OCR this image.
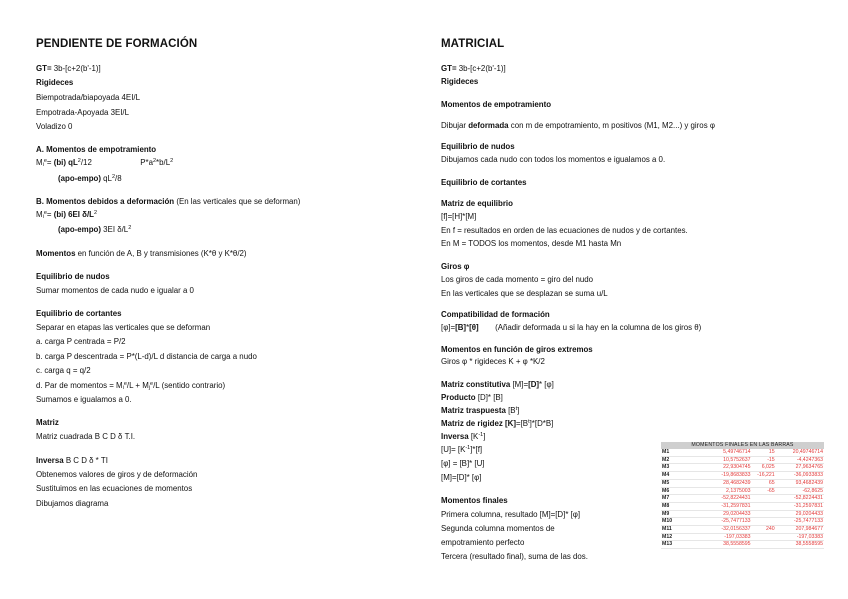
PENDIENTE DE FORMACIÓN
GT= 3b-[c+2(b'-1)]
Rigideces
Biempotrada/biapoyada 4EI/L
Empotrada-Apoyada 3EI/L
Voladizo 0
A. Momentos de empotramiento
$M_i^e= (bi)$ $qL^2/12$	$P*a^2*b/L^2$
(apo-empo) $qL^2/8$
B. Momentos debidos a deformación (En las verticales que se deforman)
$M_i^e= (bi)$ 6EI $\delta/L^2$
(apo-empo) 3EI $\delta/L^2$
Momentos en función de A, B y transmisiones (K*θ y K*θ/2)
Equilibrio de nudos
Sumar momentos de cada nudo e igualar a 0
Equilibrio de cortantes
Separar en etapas las verticales que se deforman
a. carga P centrada = P/2
b. carga P descentrada = P*(L-d)/L d distancia de carga a nudo
c. carga q = q/2
d. Par de momentos = $M_i^e/L + M_j^e/L$ (sentido contrario)
Sumamos e igualamos a 0.
Matriz
Matriz cuadrada B C D δ T.I.
Inversa B C D δ * TI
Obtenemos valores de giros y de deformación
Sustituimos en las ecuaciones de momentos
Dibujamos diagrama
MATRICIAL
GT= 3b-[c+2(b'-1)]
Rigideces
Momentos de empotramiento
Dibujar deformada con m de empotramiento, m positivos (M1, M2...) y giros φ
Equilibrio de nudos
Dibujamos cada nudo con todos los momentos e igualamos a 0.
Equilibrio de cortantes
Matriz de equilibrio
[f]=[H]*[M]
En f = resultados en orden de las ecuaciones de nudos y de cortantes.
En M = TODOS los momentos, desde M1 hasta Mn
Giros φ
Los giros de cada momento = giro del nudo
En las verticales que se desplazan se suma u/L
Compatibilidad de formación
[φ]=[B]*[θ] (Añadir deformada u si la hay en la columna de los giros θ)
Momentos en función de giros extremos
Giros φ * rigideces K + φ *K/2
Matriz constitutiva [M]=[D]* [φ]
Producto [D]* [B]
Matriz traspuesta $[B^t]$
Matriz de rigidez $[K]=[B^t]*[D*B]$
Inversa $[K^{-1}]$
$[U]= [K^{-1}]*[f]$
[φ] = [B]* [U]
[M]=[D]* [φ]
Momentos finales
Primera columna, resultado [M]=[D]* [φ]
Segunda columna momentos de
empotramiento perfecto
Tercera (resultado final), suma de las dos.
MOMENTOS FINALES EN LAS BARRAS
M1	5,49746714	15	20,49746714
M2	10,5752637	-15	-4,4247363
M3	22,9304745	6,025	27,9634765
M4	-19,8683833	-16,221	-36,0933833
M5	28,4682439	65	93,4682439
M6	2,1375003	-65	-62,8625
M7	-52,8224431		-52,8224431
M8	-31,2597831		-31,2597831
M9	29,0204433		29,0204433
M10	-25,7477133		-25,7477133
M11	-32,0156337	240	207,984677
M12	-197,03383		-197,03383
M13	38,5558595		38,5558595
